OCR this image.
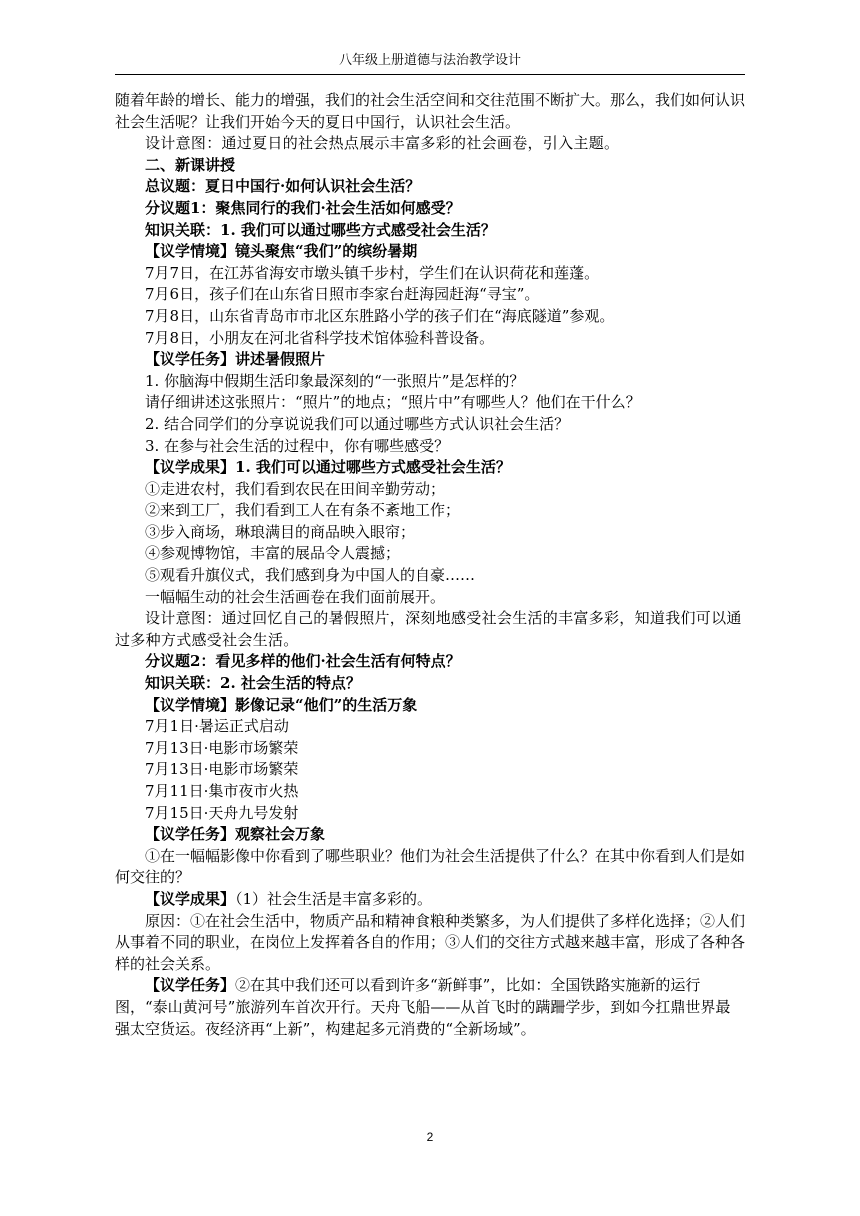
八年级上册道德与法治教学设计

随着年龄的增长、能力的增强，我们的社会生活空间和交往范围不断扩大。那么，我们如何认识社会生活呢？让我们开始今天的夏日中国行，认识社会生活。

设计意图：通过夏日的社会热点展示丰富多彩的社会画卷，引入主题。

二、新课讲授

总议题：夏日中国行·如何认识社会生活？

分议题1：聚焦同行的我们·社会生活如何感受？

知识关联：1. 我们可以通过哪些方式感受社会生活？

【议学情境】镜头聚焦“我们”的缤纷暑期

7月7日，在江苏省海安市墩头镇千步村，学生们在认识荷花和莲蓬。

7月6日，孩子们在山东省日照市李家台赶海园赶海“寻宝”。

7月8日，山东省青岛市市北区东胜路小学的孩子们在“海底隧道”参观。

7月8日，小朋友在河北省科学技术馆体验科普设备。

【议学任务】讲述暑假照片

1. 你脑海中假期生活印象最深刻的“一张照片”是怎样的？

请仔细讲述这张照片：“照片”的地点；“照片中”有哪些人？他们在干什么？

2. 结合同学们的分享说说我们可以通过哪些方式认识社会生活？

3. 在参与社会生活的过程中，你有哪些感受？

【议学成果】1. 我们可以通过哪些方式感受社会生活？

①走进农村，我们看到农民在田间辛勤劳动；

②来到工厂，我们看到工人在有条不紊地工作；

③步入商场，琳琅满目的商品映入眼帘；

④参观博物馆，丰富的展品令人震撼；

⑤观看升旗仪式，我们感到身为中国人的自豪……

一幅幅生动的社会生活画卷在我们面前展开。

设计意图：通过回忆自己的暑假照片，深刻地感受社会生活的丰富多彩，知道我们可以通过多种方式感受社会生活。

分议题2：看见多样的他们·社会生活有何特点？

知识关联：2. 社会生活的特点？

【议学情境】影像记录“他们”的生活万象

7月1日·暑运正式启动

7月13日·电影市场繁荣

7月13日·电影市场繁荣

7月11日·集市夜市火热

7月15日·天舟九号发射

【议学任务】观察社会万象

①在一幅幅影像中你看到了哪些职业？他们为社会生活提供了什么？在其中你看到人们是如何交往的？

【议学成果】（1）社会生活是丰富多彩的。

原因：①在社会生活中，物质产品和精神食粮种类繁多，为人们提供了多样化选择；②人们从事着不同的职业，在岗位上发挥着各自的作用；③人们的交往方式越来越丰富，形成了各种各样的社会关系。

【议学任务】②在其中我们还可以看到许多“新鲜事”，比如：全国铁路实施新的运行图，“泰山黄河号”旅游列车首次开行。天舟飞船——从首飞时的蹒跚学步，到如今扛鼎世界最强太空货运。夜经济再“上新”，构建起多元消费的“全新场域”。

2
